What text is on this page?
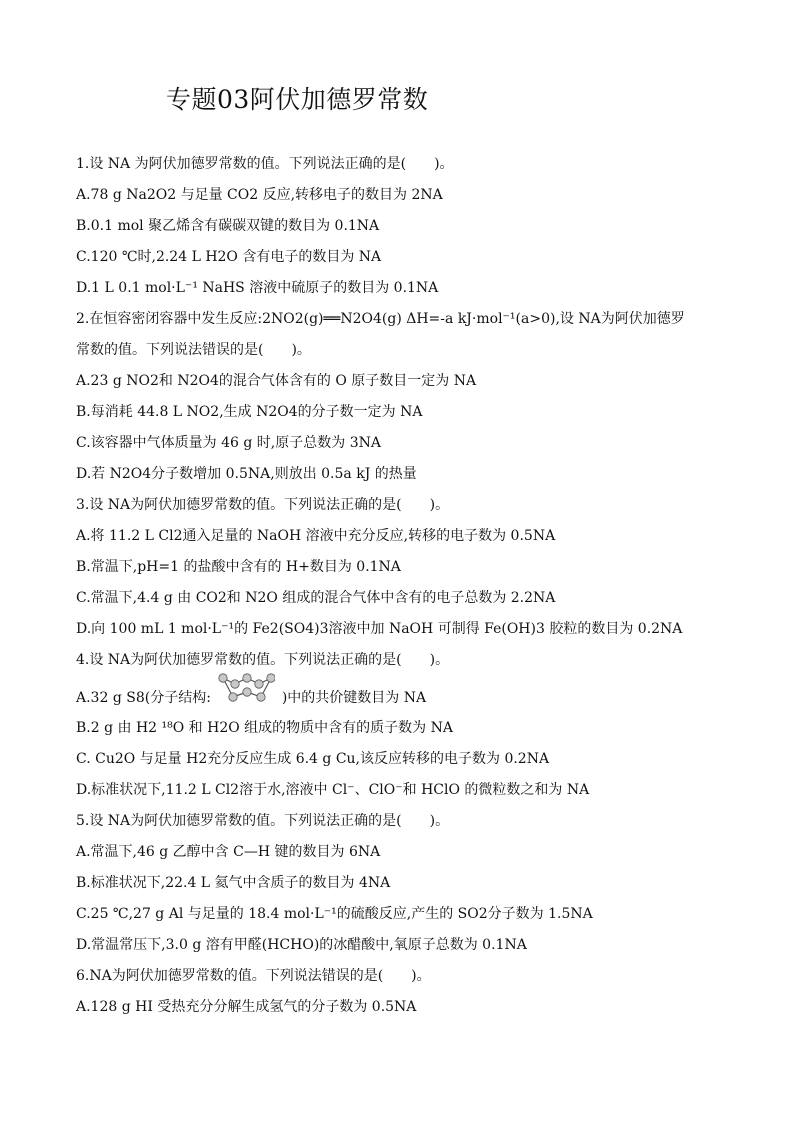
专题03阿伏加德罗常数
1.设 NA 为阿伏加德罗常数的值。下列说法正确的是(　　)。
A.78 g Na2O2 与足量 CO2 反应,转移电子的数目为 2NA
B.0.1 mol 聚乙烯含有碳碳双键的数目为 0.1NA
C.120 ℃时,2.24 L H2O 含有电子的数目为 NA
D.1 L 0.1 mol·L⁻¹ NaHS 溶液中硫原子的数目为 0.1NA
2.在恒容密闭容器中发生反应:2NO2(g)══N2O4(g) ΔH=-a kJ·mol⁻¹(a>0),设 NA为阿伏加德罗
常数的值。下列说法错误的是(　　)。
A.23 g NO2和 N2O4的混合气体含有的 O 原子数目一定为 NA
B.每消耗 44.8 L NO2,生成 N2O4的分子数一定为 NA
C.该容器中气体质量为 46 g 时,原子总数为 3NA
D.若 N2O4分子数增加 0.5NA,则放出 0.5a kJ 的热量
3.设 NA为阿伏加德罗常数的值。下列说法正确的是(　　)。
A.将 11.2 L Cl2通入足量的 NaOH 溶液中充分反应,转移的电子数为 0.5NA
B.常温下,pH=1 的盐酸中含有的 H+数目为 0.1NA
C.常温下,4.4 g 由 CO2和 N2O 组成的混合气体中含有的电子总数为 2.2NA
D.向 100 mL 1 mol·L⁻¹的 Fe2(SO4)3溶液中加 NaOH 可制得 Fe(OH)3 胶粒的数目为 0.2NA
4.设 NA为阿伏加德罗常数的值。下列说法正确的是(　　)。
A.32 g S8(分子结构:	)中的共价键数目为 NA
B.2 g 由 H2 ¹⁸O 和 H2O 组成的物质中含有的质子数为 NA
C. Cu2O 与足量 H2充分反应生成 6.4 g Cu,该反应转移的电子数为 0.2NA
D.标准状况下,11.2 L Cl2溶于水,溶液中 Cl⁻、ClO⁻和 HClO 的微粒数之和为 NA
5.设 NA为阿伏加德罗常数的值。下列说法正确的是(　　)。
A.常温下,46 g 乙醇中含 C—H 键的数目为 6NA
B.标准状况下,22.4 L 氦气中含质子的数目为 4NA
C.25 ℃,27 g Al 与足量的 18.4 mol·L⁻¹的硫酸反应,产生的 SO2分子数为 1.5NA
D.常温常压下,3.0 g 溶有甲醛(HCHO)的冰醋酸中,氧原子总数为 0.1NA
6.NA为阿伏加德罗常数的值。下列说法错误的是(　　)。
A.128 g HI 受热充分分解生成氢气的分子数为 0.5NA
